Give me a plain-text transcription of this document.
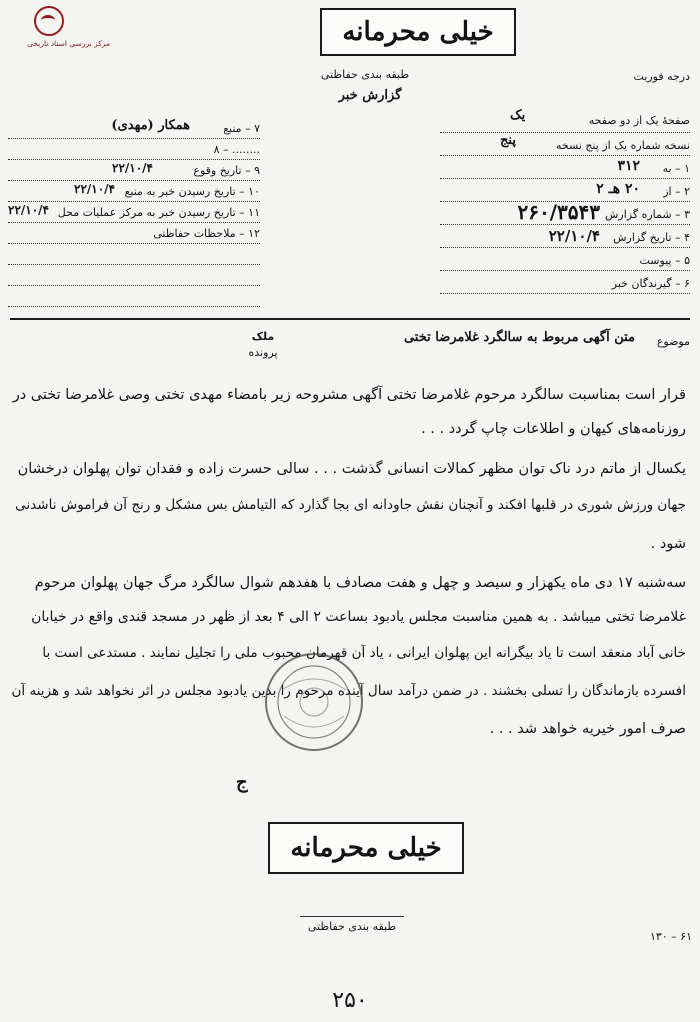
مرکز بررسی اسناد تاریخی	خیلی محرمانه
طبقه بندی حفاظتی
گزارش خبر
درجه فوریت
صفحهٔ یک از دو صفحه
یک
نسخه شماره یک از پنج نسخه
پنج
۱ – به
۳۱۲
۲ – از
۲۰ هـ ۲
۳ – شماره گزارش
۲۶۰/۳۵۴۳
۴ – تاریخ گزارش
۲۲/۱۰/۴
۵ – پیوست
۶ – گیرندگان خبر
۷ – منبع
همکار (مهدی)
۸ – ........
۹ – تاریخ وقوع
۲۲/۱۰/۴
۱۰ – تاریخ رسیدن خبر به منبع
۲۲/۱۰/۴
۱۱ – تاریخ رسیدن خبر به مرکز عملیات محل
۲۲/۱۰/۴
۱۲ – ملاحظات حفاظتی
موضوع
متن آگهی مربوط به سالگرد غلامرضا تختی
ملک
پرونده
قرار است بمناسبت سالگرد مرحوم غلامرضا تختی آگهی مشروحه زیر بامضاء مهدی تختی وصی غلامرضا تختی در
روزنامه‌های کیهان و اطلاعات چاپ گردد . . .
یکسال از ماتم درد ناک توان مظهر کمالات انسانی گذشت . . . سالی حسرت زاده و فقدان توان پهلوان درخشان
جهان ورزش شوری در قلبها افکند و آنچنان نقش جاودانه ای بجا گذارد که التیامش بس مشکل و رنج آن فراموش ناشدنی
شود .
سه‌شنبه ۱۷ دی ماه یکهزار و سیصد و چهل و هفت مصادف با هفدهم شوال سالگرد مرگ جهان پهلوان مرحوم
غلامرضا تختی میباشد . به همین مناسبت مجلس یادبود بساعت ۲ الی ۴ بعد از ظهر در مسجد قندی واقع در خیابان
خانی آباد منعقد است تا یاد بیگرانه این پهلوان ایرانی ، یاد آن قهرمان محبوب ملی را تجلیل نمایند . مستدعی است با
افسرده بازماندگان را تسلی بخشند . در ضمن درآمد سال آینده مرحوم را بدین یادبود مجلس در اثر نخواهد شد و هزینه آن
صرف امور خیریه خواهد شد . . .
ج
خیلی محرمانه
طبقه بندی حفاظتی
۱۳۰ – ۶۱
۲۵۰
